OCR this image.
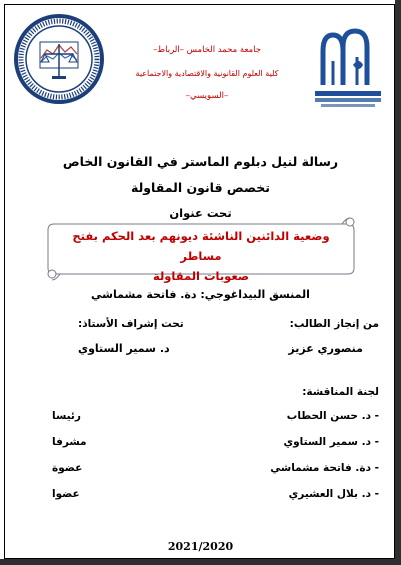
جامعة محمد الخامس –الرباط–
كلية العلوم القانونية والاقتصادية والاجتماعية
–السويسي–
رسالة لنيل دبلوم الماستر في القانون الخاص
تخصص قانون المقاولة
تحت عنوان
وضعية الدائنين الناشئة ديونهم بعد الحكم بفتح مساطر
صعوبات المقاولة
المنسق البيداغوجي: دة. فاتحة مشماشي
من إنجاز الطالب:
تحت إشراف الأستاذ:
منصوري عزيز
د. سمير الستاوي
لجنة المناقشة:
- د. حسن الحطاب
رئيسا
- د. سمير الستاوي
مشرفا
- دة. فاتحة مشماشي
عضوة
- د. بلال العشيري
عضوا
2021/2020
